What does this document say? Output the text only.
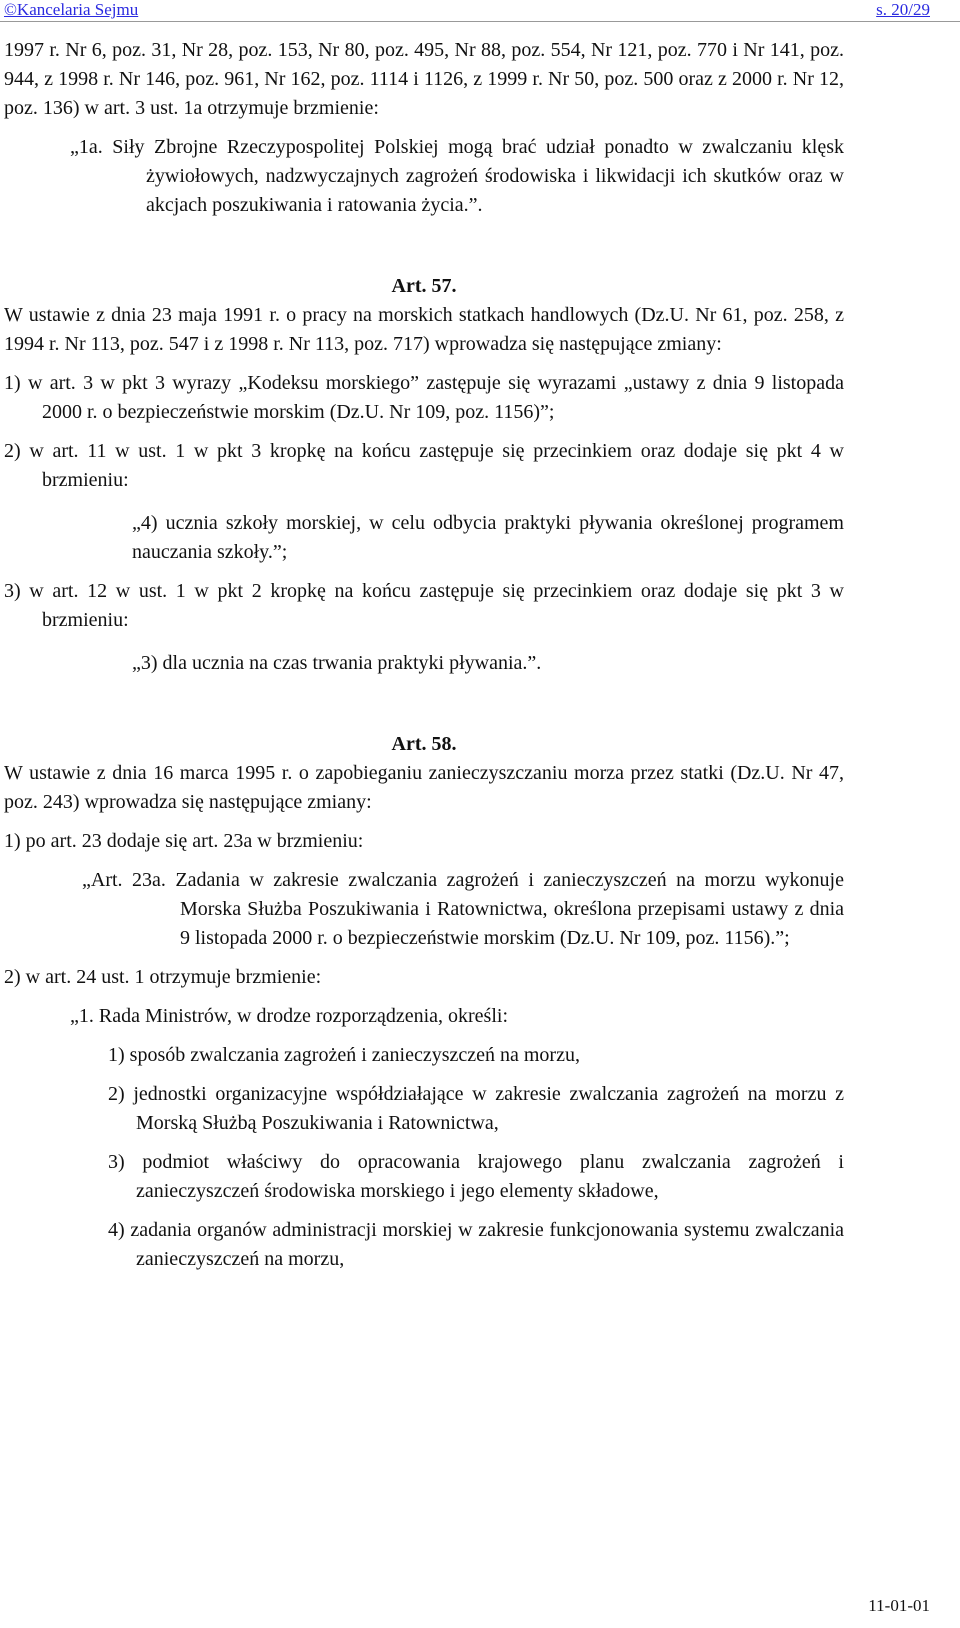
©Kancelaria Sejmu	s. 20/29

1997 r. Nr 6, poz. 31, Nr 28, poz. 153, Nr 80, poz. 495, Nr 88, poz. 554, Nr 121, poz. 770 i Nr 141, poz. 944, z 1998 r. Nr 146, poz. 961, Nr 162, poz. 1114 i 1126, z 1999 r. Nr 50, poz. 500 oraz z 2000 r. Nr 12, poz. 136) w art. 3 ust. 1a otrzymuje brzmienie:

„1a. Siły Zbrojne Rzeczypospolitej Polskiej mogą brać udział ponadto w zwalczaniu klęsk żywiołowych, nadzwyczajnych zagrożeń środowiska i likwidacji ich skutków oraz w akcjach poszukiwania i ratowania życia.”.

Art. 57.

W ustawie z dnia 23 maja 1991 r. o pracy na morskich statkach handlowych (Dz.U. Nr 61, poz. 258, z 1994 r. Nr 113, poz. 547 i z 1998 r. Nr 113, poz. 717) wprowadza się następujące zmiany:

1) w art. 3 w pkt 3 wyrazy „Kodeksu morskiego” zastępuje się wyrazami „ustawy z dnia 9 listopada 2000 r. o bezpieczeństwie morskim (Dz.U. Nr 109, poz. 1156)”;

2) w art. 11 w ust. 1 w pkt 3 kropkę na końcu zastępuje się przecinkiem oraz dodaje się pkt 4 w brzmieniu:

„4) ucznia szkoły morskiej, w celu odbycia praktyki pływania określonej programem nauczania szkoły.”;

3) w art. 12 w ust. 1 w pkt 2 kropkę na końcu zastępuje się przecinkiem oraz dodaje się pkt 3 w brzmieniu:

„3) dla ucznia na czas trwania praktyki pływania.”.

Art. 58.

W ustawie z dnia 16 marca 1995 r. o zapobieganiu zanieczyszczaniu morza przez statki (Dz.U. Nr 47, poz. 243) wprowadza się następujące zmiany:

1) po art. 23 dodaje się art. 23a w brzmieniu:

„Art. 23a. Zadania w zakresie zwalczania zagrożeń i zanieczyszczeń na morzu wykonuje Morska Służba Poszukiwania i Ratownictwa, określona przepisami ustawy z dnia 9 listopada 2000 r. o bezpieczeństwie morskim (Dz.U. Nr 109, poz. 1156).”;

2) w art. 24 ust. 1 otrzymuje brzmienie:

„1. Rada Ministrów, w drodze rozporządzenia, określi:

1) sposób zwalczania zagrożeń i zanieczyszczeń na morzu,

2) jednostki organizacyjne współdziałające w zakresie zwalczania zagrożeń na morzu z Morską Służbą Poszukiwania i Ratownictwa,

3) podmiot właściwy do opracowania krajowego planu zwalczania zagrożeń i zanieczyszczeń środowiska morskiego i jego elementy składowe,

4) zadania organów administracji morskiej w zakresie funkcjonowania systemu zwalczania zanieczyszczeń na morzu,

11-01-01
